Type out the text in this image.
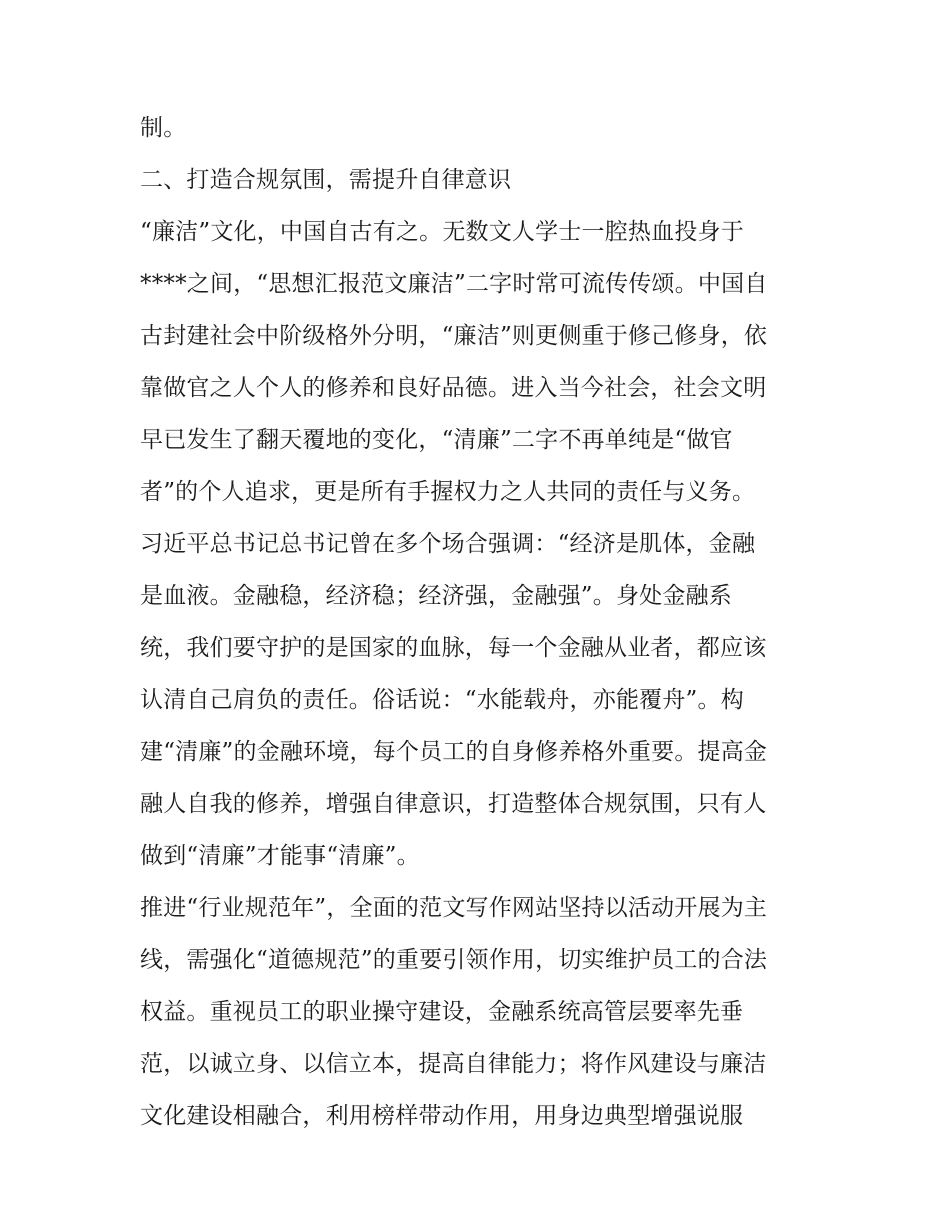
制。
二、打造合规氛围，需提升自律意识
“廉洁”文化，中国自古有之。无数文人学士一腔热血投身于
****之间，“思想汇报范文廉洁”二字时常可流传传颂。中国自
古封建社会中阶级格外分明，“廉洁”则更侧重于修己修身，依
靠做官之人个人的修养和良好品德。进入当今社会，社会文明
早已发生了翻天覆地的变化，“清廉”二字不再单纯是“做官
者”的个人追求，更是所有手握权力之人共同的责任与义务。
习近平总书记总书记曾在多个场合强调：“经济是肌体，金融
是血液。金融稳，经济稳；经济强，金融强”。身处金融系
统，我们要守护的是国家的血脉，每一个金融从业者，都应该
认清自己肩负的责任。俗话说：“水能载舟，亦能覆舟”。构
建“清廉”的金融环境，每个员工的自身修养格外重要。提高金
融人自我的修养，增强自律意识，打造整体合规氛围，只有人
做到“清廉”才能事“清廉”。
推进“行业规范年”，全面的范文写作网站坚持以活动开展为主
线，需强化“道德规范”的重要引领作用，切实维护员工的合法
权益。重视员工的职业操守建设，金融系统高管层要率先垂
范，以诚立身、以信立本，提高自律能力；将作风建设与廉洁
文化建设相融合，利用榜样带动作用，用身边典型增强说服
